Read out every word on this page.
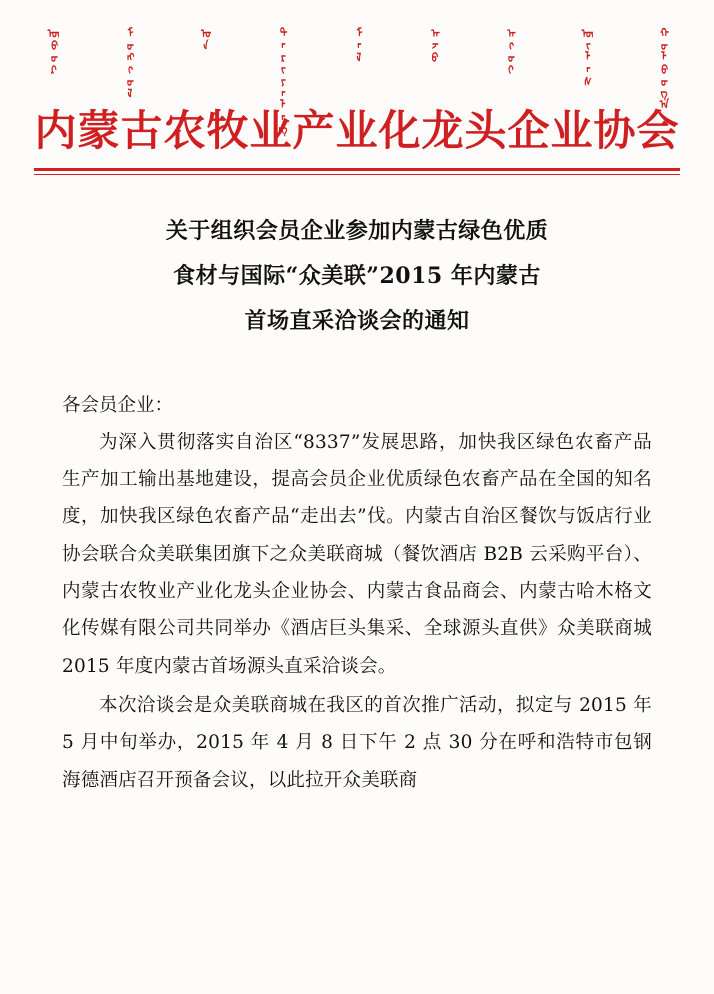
ᠥᠪᠥᠷ	ᠮᠣᠩᠭᠣᠯ	ᠤᠨ	ᠲᠠᠷᠢᠶᠠᠯᠠᠩ	ᠮᠠᠯ	ᠠᠵᠤ	ᠠᠬᠤᠢ	ᠦᠢᠯᠡᠰ	ᠬᠣᠯᠪᠣᠭ᠎ᠠ
内蒙古农牧业产业化龙头企业协会
关于组织会员企业参加内蒙古绿色优质
食材与国际“众美联”2015 年内蒙古
首场直采洽谈会的通知
各会员企业：

为深入贯彻落实自治区“8337”发展思路，加快我区绿色农畜产品生产加工输出基地建设，提高会员企业优质绿色农畜产品在全国的知名度，加快我区绿色农畜产品“走出去”伐。内蒙古自治区餐饮与饭店行业协会联合众美联集团旗下之众美联商城（餐饮酒店 B2B 云采购平台）、内蒙古农牧业产业化龙头企业协会、内蒙古食品商会、内蒙古哈木格文化传媒有限公司共同举办《酒店巨头集采、全球源头直供》众美联商城 2015 年度内蒙古首场源头直采洽谈会。

本次洽谈会是众美联商城在我区的首次推广活动，拟定与 2015 年 5 月中旬举办，2015 年 4 月 8 日下午 2 点 30 分在呼和浩特市包钢海德酒店召开预备会议，以此拉开众美联商
